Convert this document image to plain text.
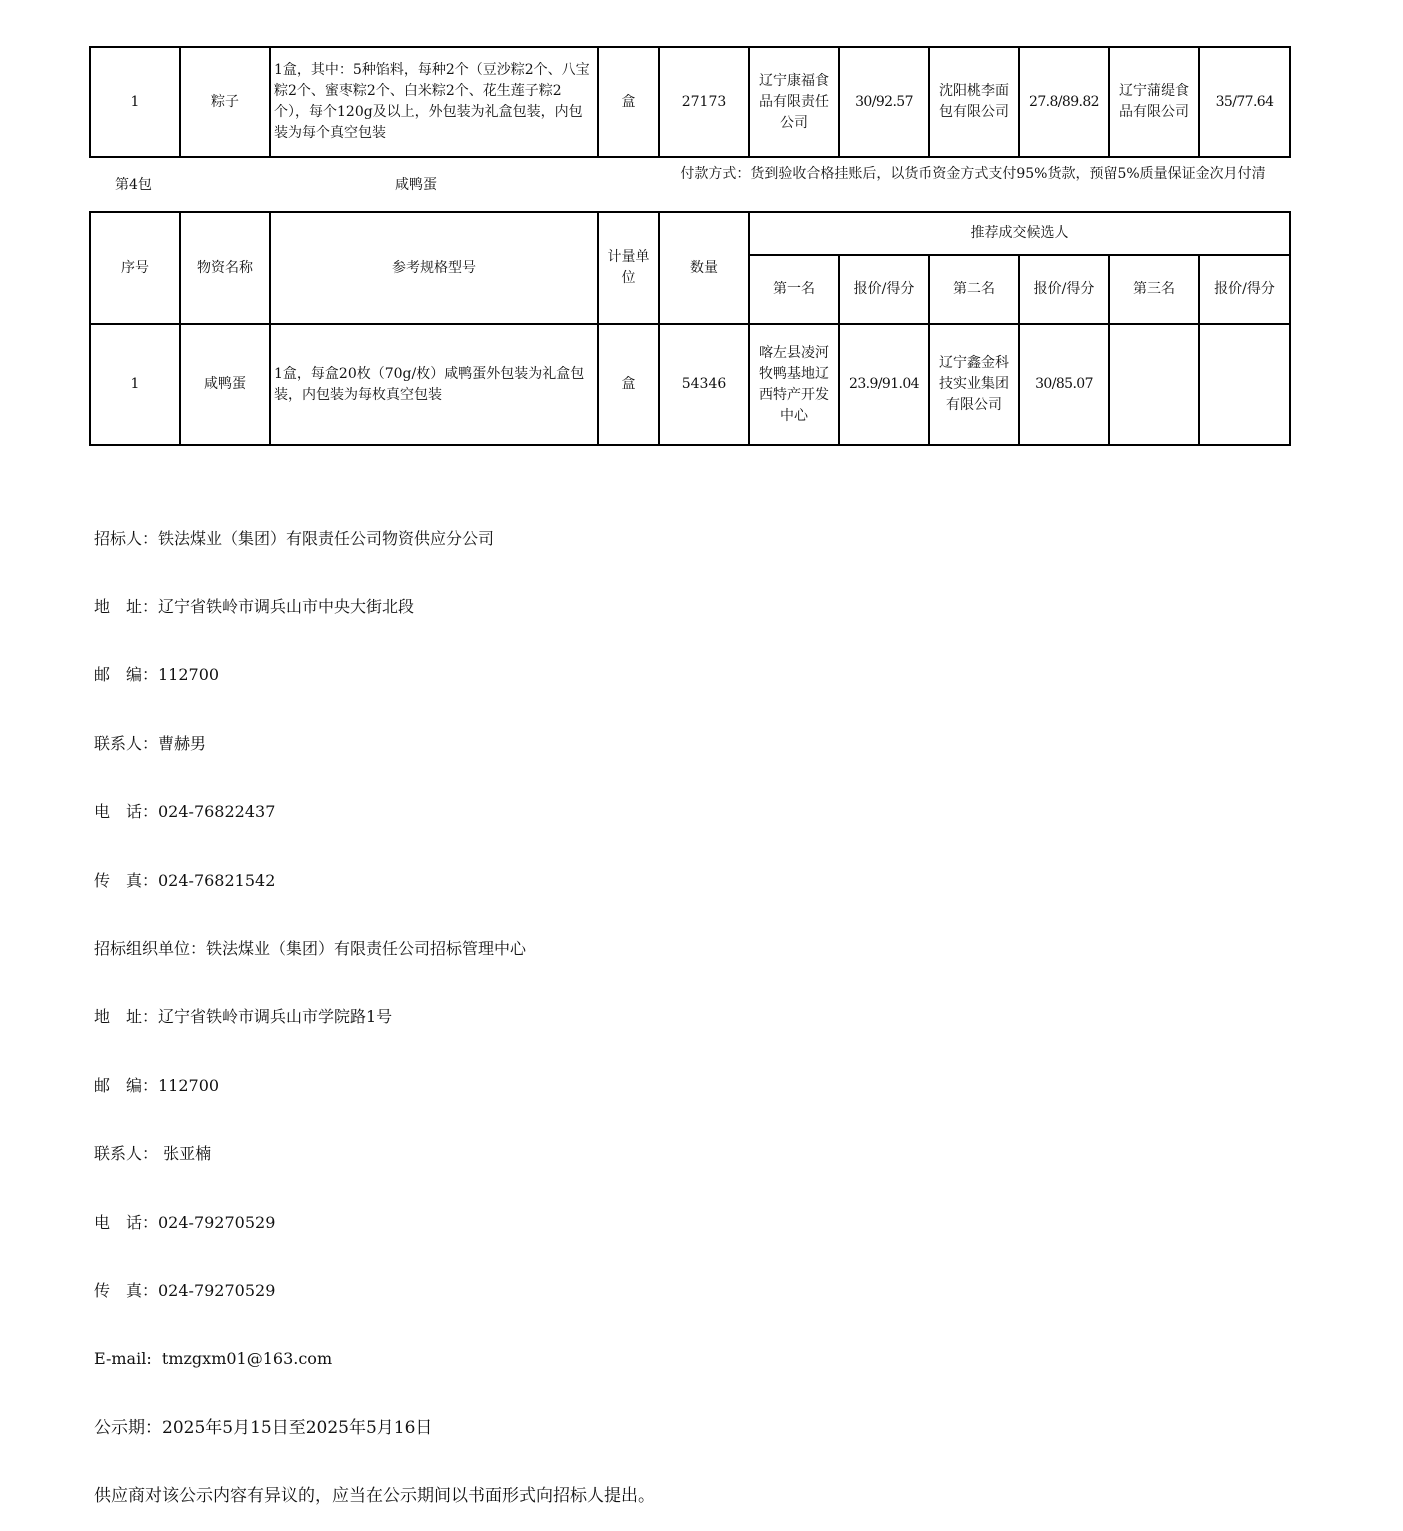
1	粽子	1盒，其中：5种馅料，每种2个（豆沙粽2个、八宝粽2个、蜜枣粽2个、白米粽2个、花生莲子粽2个），每个120g及以上，外包装为礼盒包装，内包装为每个真空包装	盒	27173	辽宁康福食品有限责任公司	30/92.57	沈阳桃李面包有限公司	27.8/89.82	辽宁蒲缇食品有限公司	35/77.64
第4包	咸鸭蛋
付款方式：货到验收合格挂账后，以货币资金方式支付95%货款，预留5%质量保证金次月付清
序号	物资名称	参考规格型号	计量单位	数量	推荐成交候选人					
					第一名	报价/得分	第二名	报价/得分	第三名	报价/得分
1	咸鸭蛋	1盒，每盒20枚（70g/枚）咸鸭蛋外包装为礼盒包装，内包装为每枚真空包装	盒	54346	喀左县凌河牧鸭基地辽西特产开发中心	23.9/91.04	辽宁鑫金科技实业集团有限公司	30/85.07		

招标人：铁法煤业（集团）有限责任公司物资供应分公司

地　址：辽宁省铁岭市调兵山市中央大街北段

邮　编：112700

联系人：曹赫男

电　话：024-76822437

传　真：024-76821542

招标组织单位：铁法煤业（集团）有限责任公司招标管理中心

地　址：辽宁省铁岭市调兵山市学院路1号

邮　编：112700

联系人： 张亚楠

电　话：024-79270529

传　真：024-79270529

E-mail:  tmzgxm01@163.com

公示期：2025年5月15日至2025年5月16日

供应商对该公示内容有异议的，应当在公示期间以书面形式向招标人提出。
